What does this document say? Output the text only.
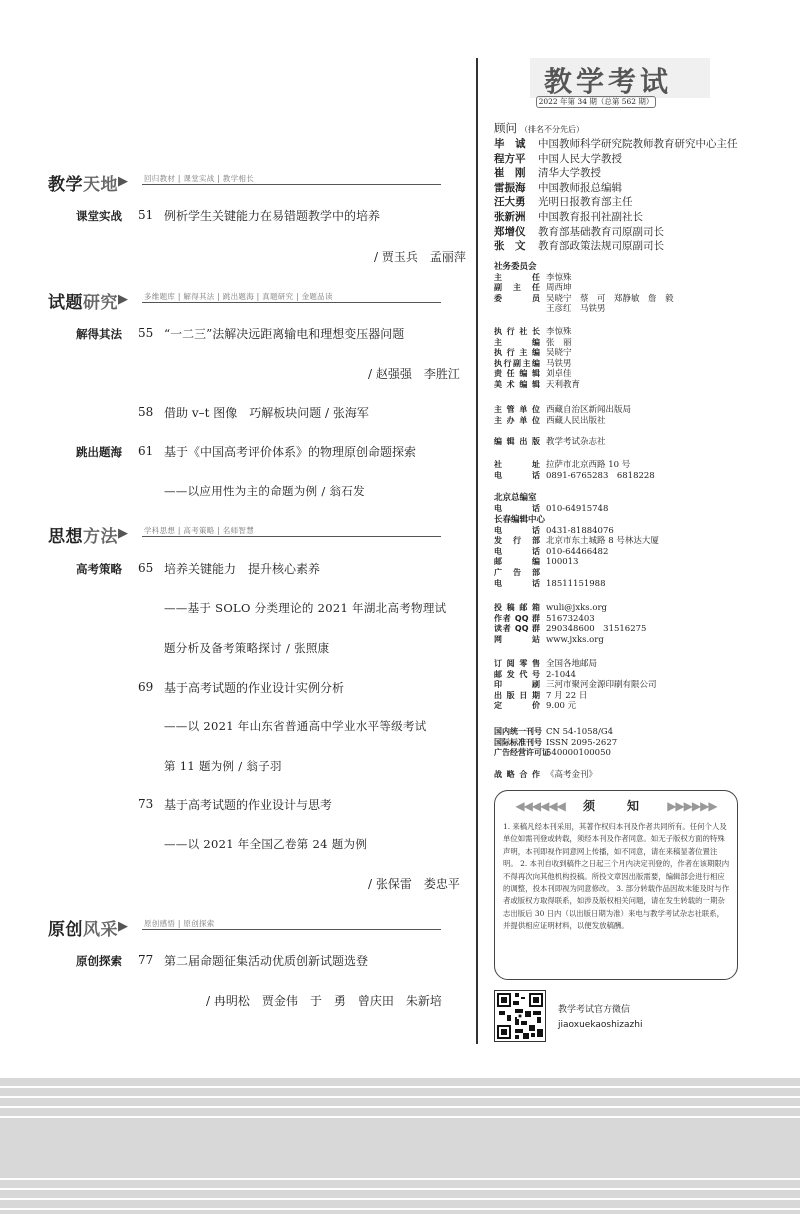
教学天地 ▶ 回归教材 | 课堂实战 | 教学相长
课堂实战 51 例析学生关键能力在易错题教学中的培养
/ 贾玉兵　孟丽萍
试题研究 ▶ 多维题库 | 解得其法 | 跳出题海 | 真题研究 | 金题品读
解得其法 55 “一二三”法解决远距离输电和理想变压器问题
/ 赵强强　李胜江
58 借助 v–t 图像　巧解板块问题 / 张海军
跳出题海 61 基于《中国高考评价体系》的物理原创命题探索
——以应用性为主的命题为例 / 翁石发
思想方法 ▶ 学科思想 | 高考策略 | 名师智慧
高考策略 65 培养关键能力　提升核心素养
——基于 SOLO 分类理论的 2021 年湖北高考物理试
题分析及备考策略探讨 / 张照康
69 基于高考试题的作业设计实例分析
——以 2021 年山东省普通高中学业水平等级考试
第 11 题为例 / 翁子羽
73 基于高考试题的作业设计与思考
——以 2021 年全国乙卷第 24 题为例
/ 张保雷　娄忠平
原创风采 ▶ 原创感悟 | 原创探索
原创探索 77 第二届命题征集活动优质创新试题选登
/ 冉明松　贾金伟　于　勇　曾庆田　朱新培
教学考试
2022 年第 34 期（总第 562 期）
顾问 （排名不分先后）
毕　诚 中国教师科学研究院教师教育研究中心主任
程方平 中国人民大学教授
崔　刚 清华大学教授
雷振海 中国教师报总编辑
汪大勇 光明日报教育部主任
张新洲 中国教育报刊社副社长
郑增仪 教育部基础教育司原副司长
张　文 教育部政策法规司原副司长
社务委员会
主　任 李惊殊
副主任 周西坤
委　员 吴晓宁　蔡　可　郑静敏　詹　毅
王彦红　马铁男
执行社长 李惊殊
主　编 张　丽
执行主编 吴晓宁
执行副主编 马铁男
责任编辑 刘卓佳
美术编辑 天利教育
主管单位 西藏自治区新闻出版局
主办单位 西藏人民出版社
编辑出版 教学考试杂志社
社　址 拉萨市北京西路 10 号
电　话 0891-6765283　6818228
北京总编室
电　话 010-64915748
长春编辑中心
电　话 0431-81884076
发行部 北京市东土城路 8 号林达大厦
电　话 010-64466482
邮　编 100013
广告部
电　话 18511151988
投稿邮箱 wuli@jxks.org
作者 QQ 群 516732403
读者 QQ 群 290348600　31516275
网　站 www.jxks.org
订阅零售 全国各地邮局
邮发代号 2-1044
印　刷 三河市聚河金源印刷有限公司
出版日期 7 月 22 日
定　价 9.00 元
国内统一刊号 CN 54-1058/G4
国际标准刊号 ISSN 2095-2627
广告经营许可证540000100050
战略合作 《高考金刊》
◀◀◀◀◀◀ 须　知 ▶▶▶▶▶▶
1. 来稿凡经本刊采用，其著作权归本刊及作者共同所有。任何个人及单位如需刊登或转载，须经本刊及作者同意。如无子版权方面的特殊声明，本刊即视作同意网上传播，如不同意，请在来稿显著位置注明。 2. 本刊自收到稿件之日起三个月内决定刊登的，作者在该期限内不得再次向其他机构投稿。所投文章因出版需要，编辑部会进行相应的调整，投本刊即视为同意修改。 3. 部分转载作品因故未能及时与作者或版权方取得联系，如涉及版权相关问题，请在发生转载的一期杂志出版后 30 日内（以出版日期为准）来电与教学考试杂志社联系，并提供相应证明材料，以便发放稿酬。
教学考试官方微信
jiaoxuekaoshizazhi
